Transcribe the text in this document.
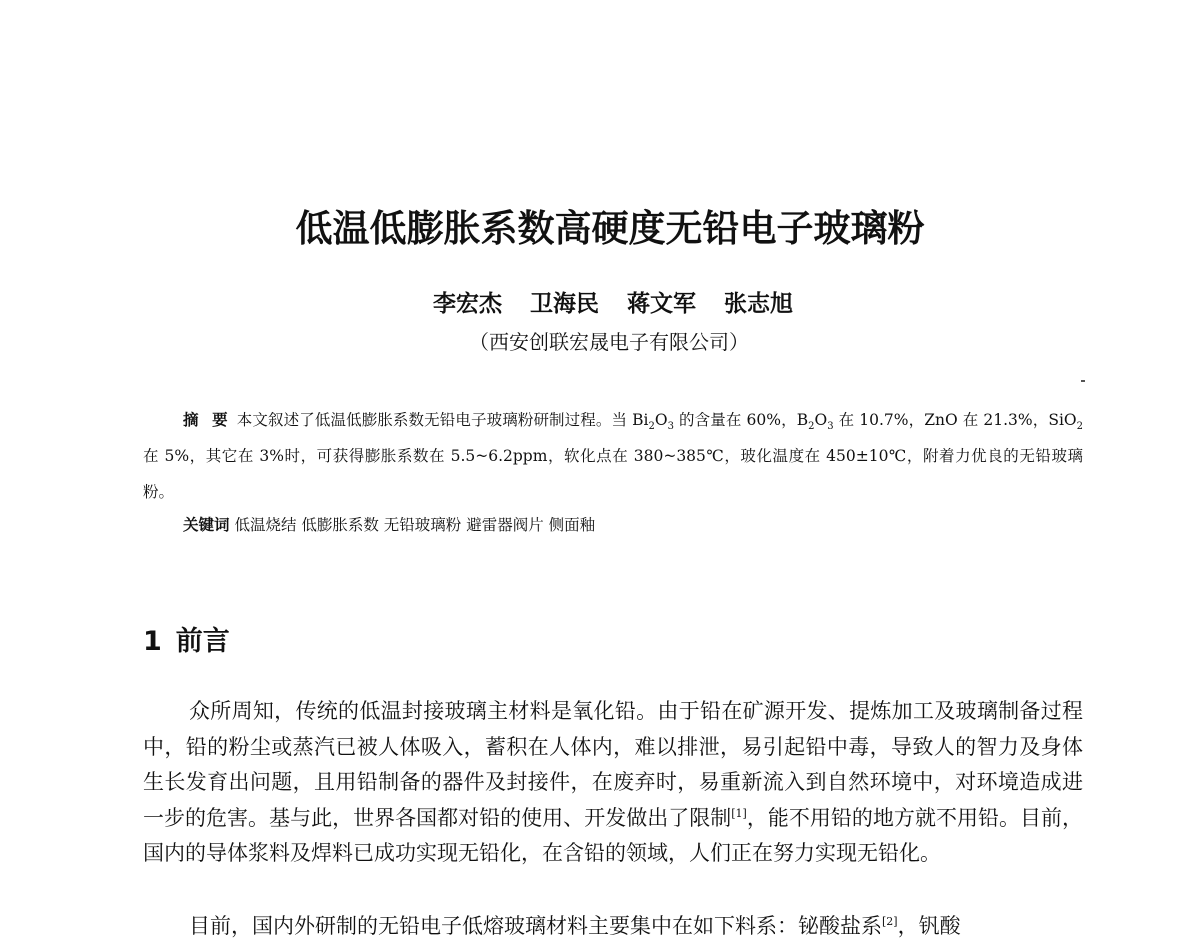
低温低膨胀系数高硬度无铅电子玻璃粉
李宏杰 卫海民 蒋文军 张志旭
（西安创联宏晟电子有限公司）

摘 要 本文叙述了低温低膨胀系数无铅电子玻璃粉研制过程。当 $Bi_2O_3$ 的含量在 60%，$B_2O_3$ 在 10.7%，ZnO 在 21.3%，SiO$_2$ 在 5%，其它在 3%时，可获得膨胀系数在 5.5~6.2ppm，软化点在 380~385℃，玻化温度在 450±10℃，附着力优良的无铅玻璃粉。

关键词 低温烧结 低膨胀系数 无铅玻璃粉 避雷器阀片 侧面釉

1 前言

众所周知，传统的低温封接玻璃主材料是氧化铅。由于铅在矿源开发、提炼加工及玻璃制备过程中，铅的粉尘或蒸汽已被人体吸入，蓄积在人体内，难以排泄，易引起铅中毒，导致人的智力及身体生长发育出问题，且用铅制备的器件及封接件，在废弃时，易重新流入到自然环境中，对环境造成进一步的危害。基与此，世界各国都对铅的使用、开发做出了限制[1]，能不用铅的地方就不用铅。目前，国内的导体浆料及焊料已成功实现无铅化，在含铅的领域，人们正在努力实现无铅化。

目前，国内外研制的无铅电子低熔玻璃材料主要集中在如下料系：铋酸盐系[2]，钒酸
